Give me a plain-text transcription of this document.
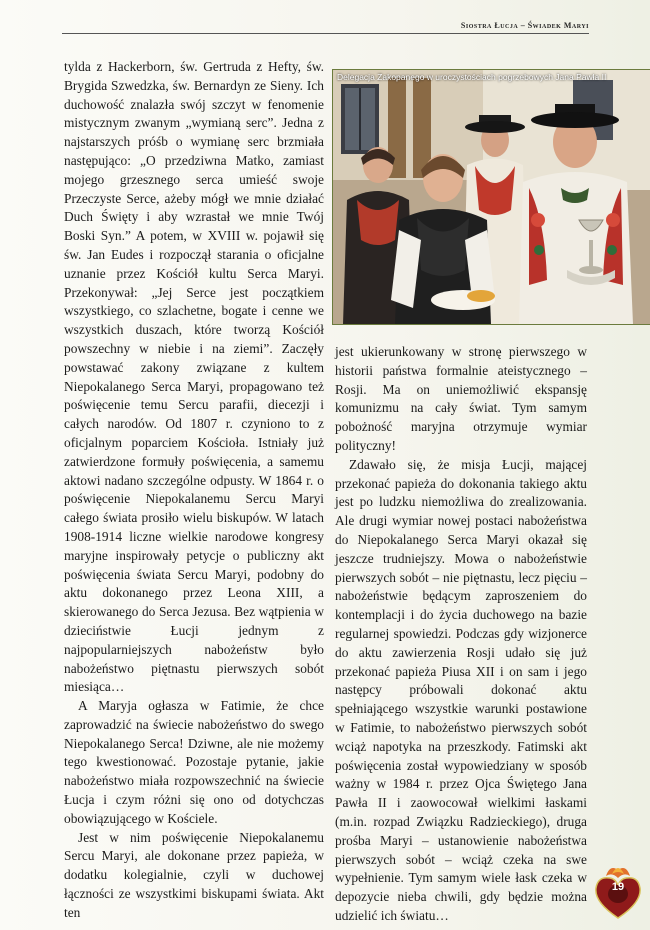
Siostra Łucja – Świadek Maryi

tylda z Hackerborn, św. Gertruda z Hefty, św. Brygida Szwedzka, św. Bernardyn ze Sieny. Ich duchowość znalazła swój szczyt w fenomenie mistycznym zwanym „wymianą serc”. Jedna z najstarszych próśb o wymianę serc brzmiała następująco: „O przedziwna Matko, zamiast mojego grzesznego serca umieść swoje Przeczyste Serce, ażeby mógł we mnie działać Duch Święty i aby wzrastał we mnie Twój Boski Syn.” A potem, w XVIII w. pojawił się św. Jan Eudes i rozpoczął starania o oficjalne uznanie przez Kościół kultu Serca Maryi. Przekonywał: „Jej Serce jest początkiem wszystkiego, co szlachetne, bogate i cenne we wszystkich duszach, które tworzą Kościół powszechny w niebie i na ziemi”. Zaczęły powstawać zakony związane z kultem Niepokalanego Serca Maryi, propagowano też poświęcenie temu Sercu parafii, diecezji i całych narodów. Od 1807 r. czyniono to z oficjalnym poparciem Kościoła. Istniały już zatwierdzone formuły poświęcenia, a samemu aktowi nadano szczególne odpusty. W 1864 r. o poświęcenie Niepokalanemu Sercu Maryi całego świata prosiło wielu biskupów. W latach 1908-1914 liczne wielkie narodowe kongresy maryjne inspirowały petycje o publiczny akt poświęcenia świata Sercu Maryi, podobny do aktu dokonanego przez Leona XIII, a skierowanego do Serca Jezusa. Bez wątpienia w dzieciństwie Łucji jednym z najpopularniejszych nabożeństw było nabożeństwo piętnastu pierwszych sobót miesiąca…

A Maryja ogłasza w Fatimie, że chce zaprowadzić na świecie nabożeństwo do swego Niepokalanego Serca! Dziwne, ale nie możemy tego kwestionować. Pozostaje pytanie, jakie nabożeństwo miała rozpowszechnić na świecie Łucja i czym różni się ono od dotychczas obowiązującego w Kościele.

Jest w nim poświęcenie Niepokalanemu Sercu Maryi, ale dokonane przez papieża, w dodatku kolegialnie, czyli w duchowej łączności ze wszystkimi biskupami świata. Akt ten

Delegacja Zakopanego w uroczystościach pogrzebowych Jana Pawła II

jest ukierunkowany w stronę pierwszego w historii państwa formalnie ateistycznego – Rosji. Ma on uniemożliwić ekspansję komunizmu na cały świat. Tym samym pobożność maryjna otrzymuje wymiar polityczny!

Zdawało się, że misja Łucji, mającej przekonać papieża do dokonania takiego aktu jest po ludzku niemożliwa do zrealizowania. Ale drugi wymiar nowej postaci nabożeństwa do Niepokalanego Serca Maryi okazał się jeszcze trudniejszy. Mowa o nabożeństwie pierwszych sobót – nie piętnastu, lecz pięciu – nabożeństwie będącym zaproszeniem do kontemplacji i do życia duchowego na bazie regularnej spowiedzi. Podczas gdy wizjonerce do aktu zawierzenia Rosji udało się już przekonać papieża Piusa XII i on sam i jego następcy próbowali dokonać aktu spełniającego wszystkie warunki postawione w Fatimie, to nabożeństwo pierwszych sobót wciąż napotyka na przeszkody. Fatimski akt poświęcenia został wypowiedziany w sposób ważny w 1984 r. przez Ojca Świętego Jana Pawła II i zaowocował wielkimi łaskami (m.in. rozpad Związku Radzieckiego), druga prośba Maryi – ustanowienie nabożeństwa pierwszych sobót – wciąż czeka na swe wypełnienie. Tym samym wiele łask czeka w depozycie nieba chwili, gdy będzie można udzielić ich światu…

19
